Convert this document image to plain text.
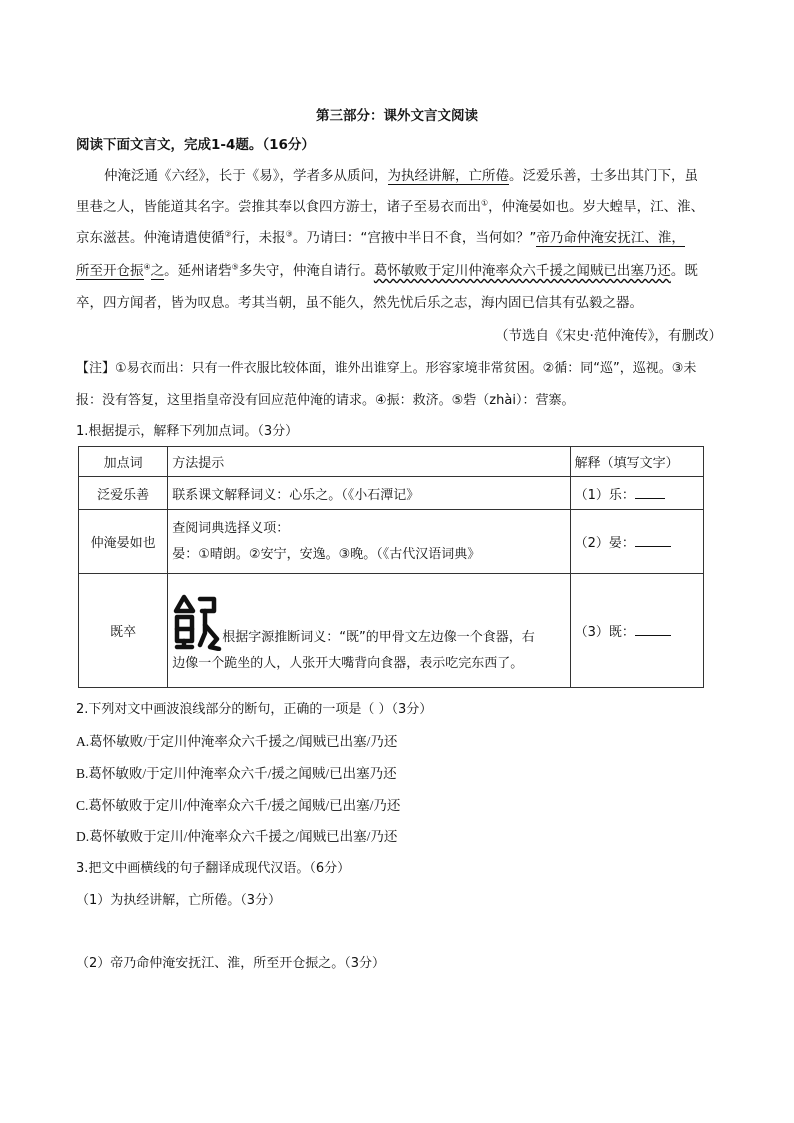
第三部分：课外文言文阅读
阅读下面文言文，完成1-4题。（16分）
仲淹泛通《六经》，长于《易》，学者多从质问，为执经讲解，亡所倦。泛爱乐善，士多出其门下，虽
里巷之人，皆能道其名字。尝推其奉以食四方游士，诸子至易衣而出①，仲淹晏如也。岁大蝗旱，江、淮、
京东滋甚。仲淹请遣使循②行，未报③。乃请曰：“宫掖中半日不食，当何如？”帝乃命仲淹安抚江、淮，
所至开仓振④之。延州诸砦⑤多失守，仲淹自请行。葛怀敏败于定川仲淹率众六千援之闻贼已出塞乃还。既
卒，四方闻者，皆为叹息。考其当朝，虽不能久，然先忧后乐之志，海内固已信其有弘毅之器。
（节选自《宋史·范仲淹传》，有删改）
【注】①易衣而出：只有一件衣服比较体面，谁外出谁穿上。形容家境非常贫困。②循：同“巡”，巡视。③未
报：没有答复，这里指皇帝没有回应范仲淹的请求。④振：救济。⑤砦（zhài）：营寨。
1.根据提示，解释下列加点词。（3分）
加点词	方法提示	解释（填写文字）
泛爱乐善	联系课文解释词义：心乐之。（《小石潭记》	（1）乐：
仲淹晏如也	查阅词典选择义项：
晏：①晴朗。②安宁，安逸。③晚。（《古代汉语词典》	（2）晏：
既卒	根据字源推断词义：“既”的甲骨文左边像一个食器，右
边像一个跪坐的人，人张开大嘴背向食器，表示吃完东西了。	（3）既：
2.下列对文中画波浪线部分的断句，正确的一项是（ ）（3分）
A.葛怀敏败/于定川仲淹率众六千援之/闻贼已出塞/乃还
B.葛怀敏败/于定川仲淹率众六千/援之闻贼/已出塞乃还
C.葛怀敏败于定川/仲淹率众六千/援之闻贼/已出塞/乃还
D.葛怀敏败于定川/仲淹率众六千援之/闻贼已出塞/乃还
3.把文中画横线的句子翻译成现代汉语。（6分）
（1）为执经讲解，亡所倦。（3分）
（2）帝乃命仲淹安抚江、淮，所至开仓振之。（3分）
